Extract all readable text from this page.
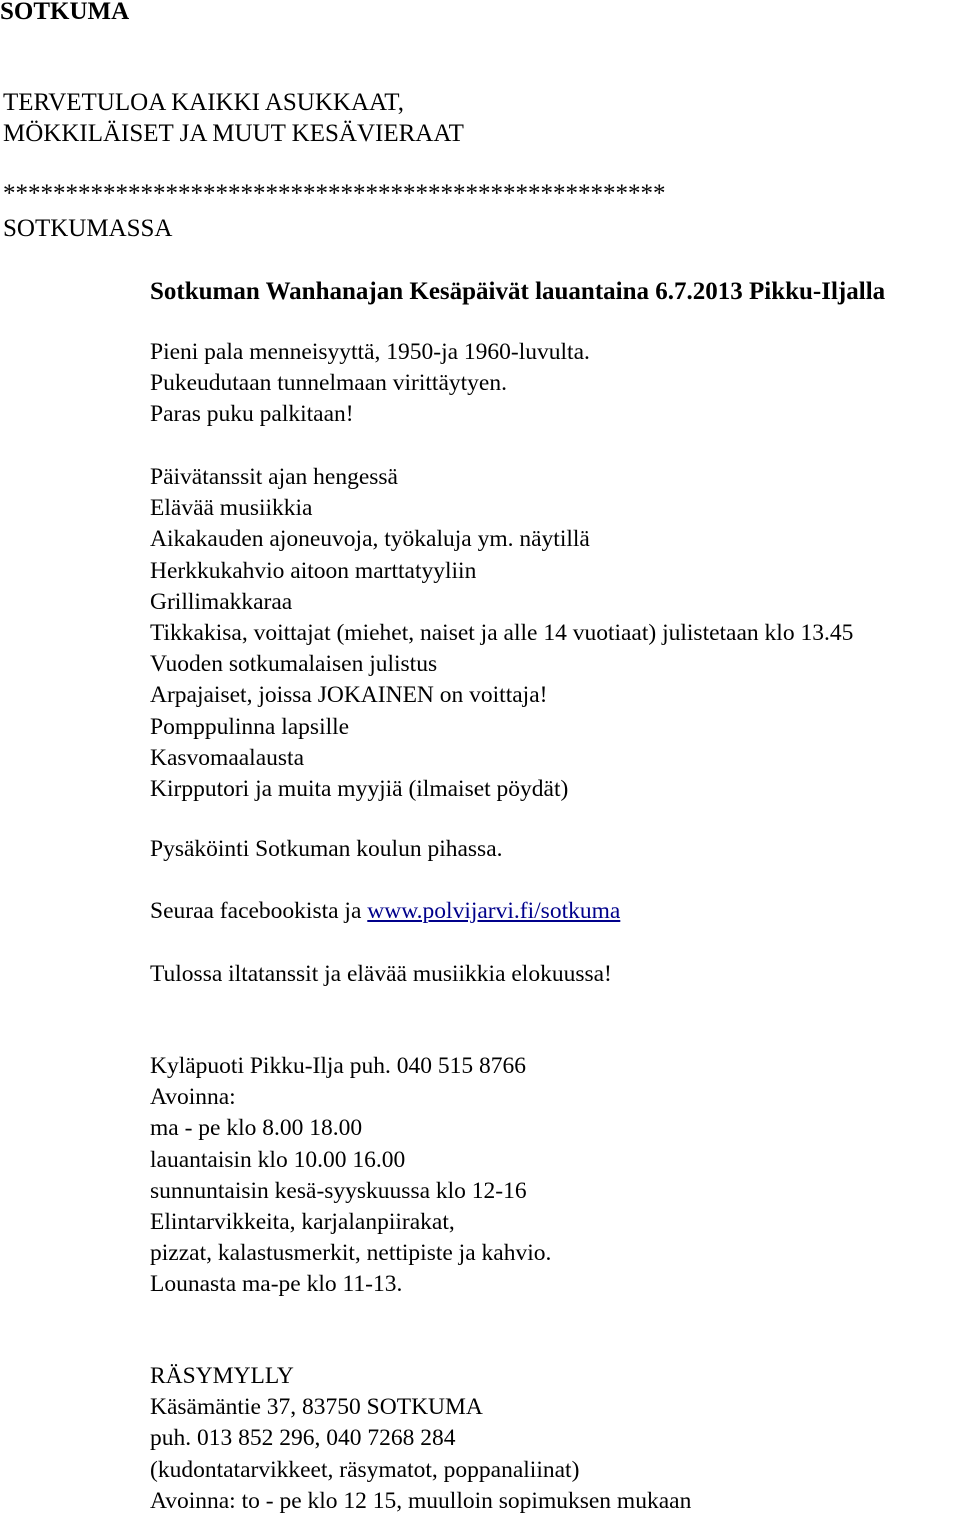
SOTKUMA
TERVETULOA KAIKKI ASUKKAAT,
MÖKKILÄISET JA MUUT KESÄVIERAAT
*****************************************************
SOTKUMASSA
Sotkuman Wanhanajan Kesäpäivät lauantaina 6.7.2013 Pikku-Iljalla
Pieni pala menneisyyttä, 1950-ja 1960-luvulta.
Pukeudutaan tunnelmaan virittäytyen.
Paras puku palkitaan!
Päivätanssit ajan hengessä
Elävää musiikkia
Aikakauden ajoneuvoja, työkaluja ym. näytillä
Herkkukahvio aitoon marttatyyliin
Grillimakkaraa
Tikkakisa, voittajat (miehet, naiset ja alle 14 vuotiaat) julistetaan klo 13.45
Vuoden sotkumalaisen julistus
Arpajaiset, joissa JOKAINEN on voittaja!
Pomppulinna lapsille
Kasvomaalausta
Kirpputori ja muita myyjiä (ilmaiset pöydät)
Pysäköinti Sotkuman koulun pihassa.
Seuraa facebookista ja www.polvijarvi.fi/sotkuma
Tulossa iltatanssit ja elävää musiikkia elokuussa!
Kyläpuoti Pikku-Ilja puh. 040 515 8766
Avoinna:
ma - pe klo 8.00 18.00
lauantaisin klo 10.00 16.00
sunnuntaisin kesä-syyskuussa klo 12-16
Elintarvikkeita, karjalanpiirakat,
pizzat, kalastusmerkit, nettipiste ja kahvio.
Lounasta ma-pe klo 11-13.
RÄSYMYLLY
Käsämäntie 37, 83750 SOTKUMA
puh. 013 852 296, 040 7268 284
(kudontatarvikkeet, räsymatot, poppanaliinat)
Avoinna: to - pe klo 12 15, muulloin sopimuksen mukaan
